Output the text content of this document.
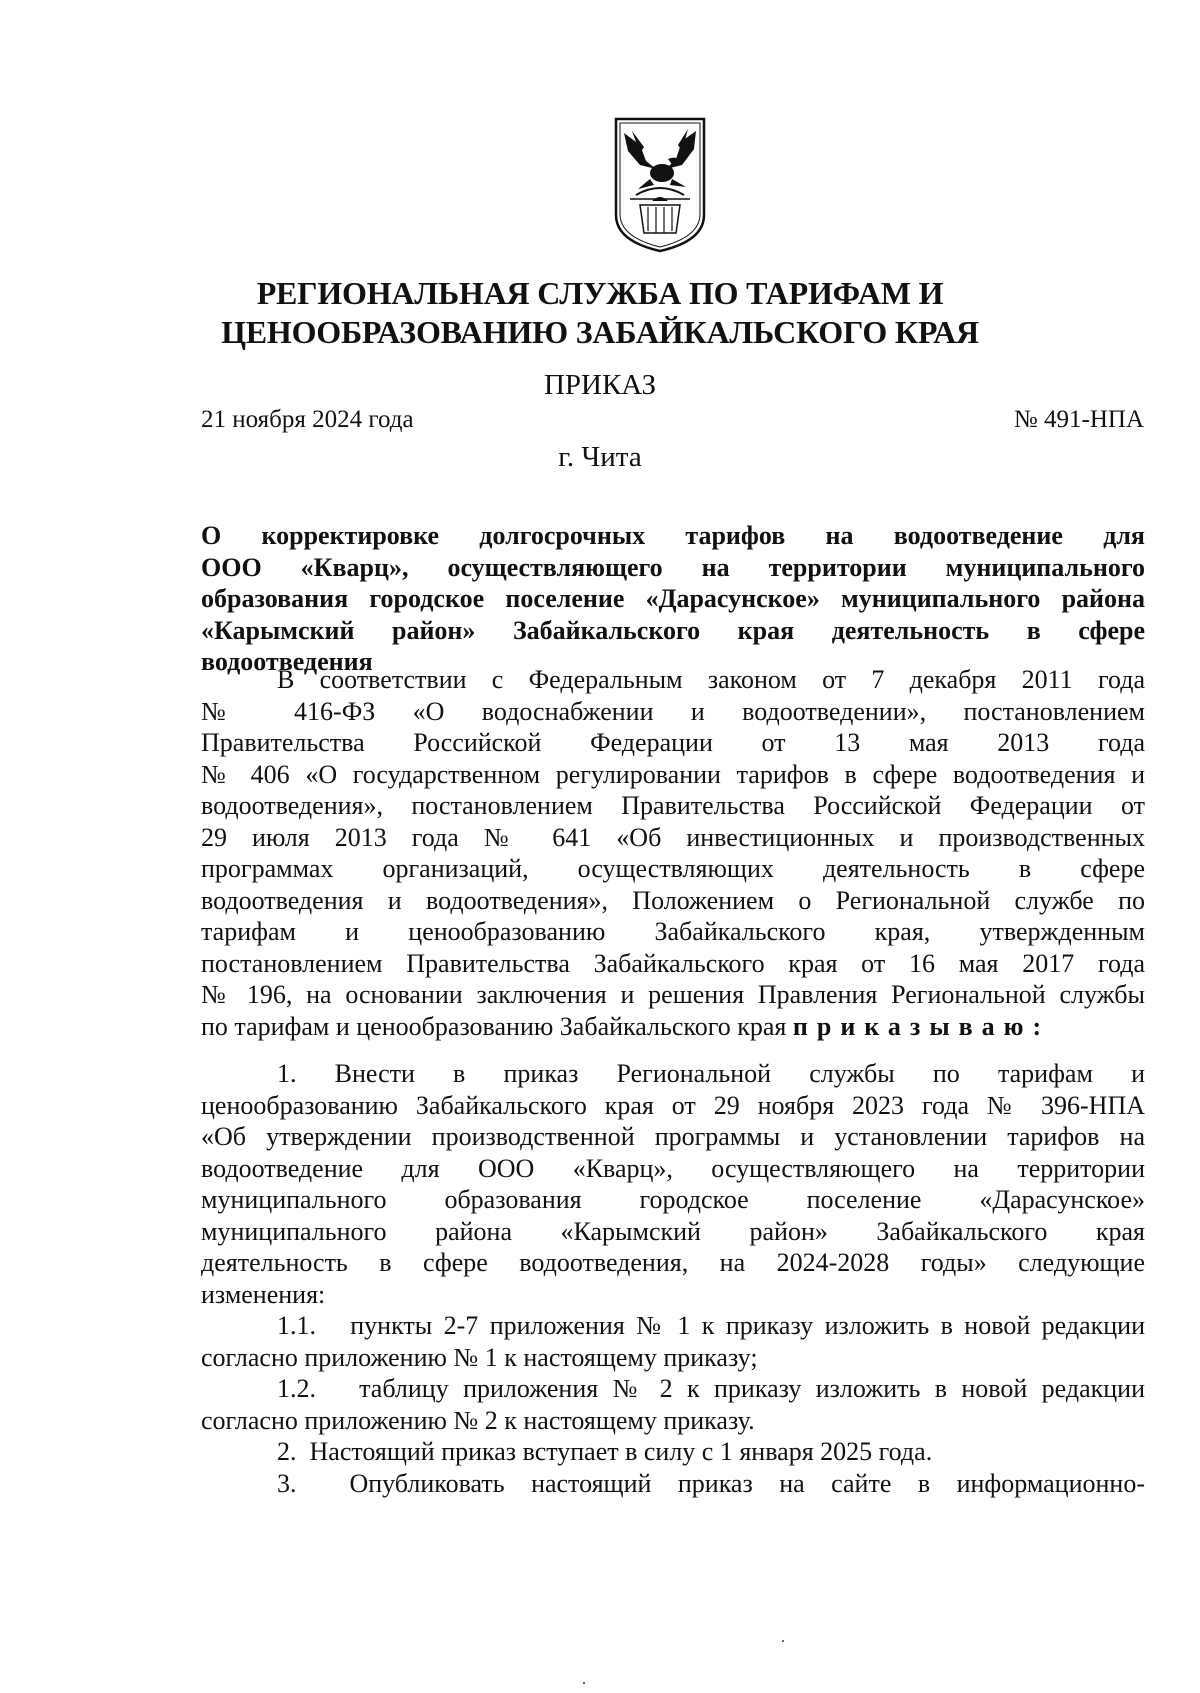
РЕГИОНАЛЬНАЯ СЛУЖБА ПО ТАРИФАМ И
ЦЕНООБРАЗОВАНИЮ ЗАБАЙКАЛЬСКОГО КРАЯ
ПРИКАЗ
21 ноября 2024 года	№ 491-НПА
г. Чита
О корректировке долгосрочных тарифов на водоотведение для
ООО «Кварц», осуществляющего на территории муниципального
образования городское поселение «Дарасунское» муниципального района
«Карымский район» Забайкальского края деятельность в сфере
водоотведения
В соответствии с Федеральным законом от 7 декабря 2011 года
№ 416-ФЗ «О водоснабжении и водоотведении», постановлением
Правительства Российской Федерации от 13 мая 2013 года
№ 406 «О государственном регулировании тарифов в сфере водоотведения и
водоотведения», постановлением Правительства Российской Федерации от
29 июля 2013 года № 641 «Об инвестиционных и производственных
программах организаций, осуществляющих деятельность в сфере
водоотведения и водоотведения», Положением о Региональной службе по
тарифам и ценообразованию Забайкальского края, утвержденным
постановлением Правительства Забайкальского края от 16 мая 2017 года
№ 196, на основании заключения и решения Правления Региональной службы
по тарифам и ценообразованию Забайкальского края приказываю:
1. Внести в приказ Региональной службы по тарифам и
ценообразованию Забайкальского края от 29 ноября 2023 года № 396-НПА
«Об утверждении производственной программы и установлении тарифов на
водоотведение для ООО «Кварц», осуществляющего на территории
муниципального образования городское поселение «Дарасунское»
муниципального района «Карымский район» Забайкальского края
деятельность в сфере водоотведения, на 2024-2028 годы» следующие
изменения:
1.1.   пункты 2-7 приложения № 1 к приказу изложить в новой редакции
согласно приложению № 1 к настоящему приказу;
1.2.   таблицу приложения № 2 к приказу изложить в новой редакции
согласно приложению № 2 к настоящему приказу.
2.  Настоящий приказ вступает в силу с 1 января 2025 года.
3.  Опубликовать настоящий приказ на сайте в информационно-
